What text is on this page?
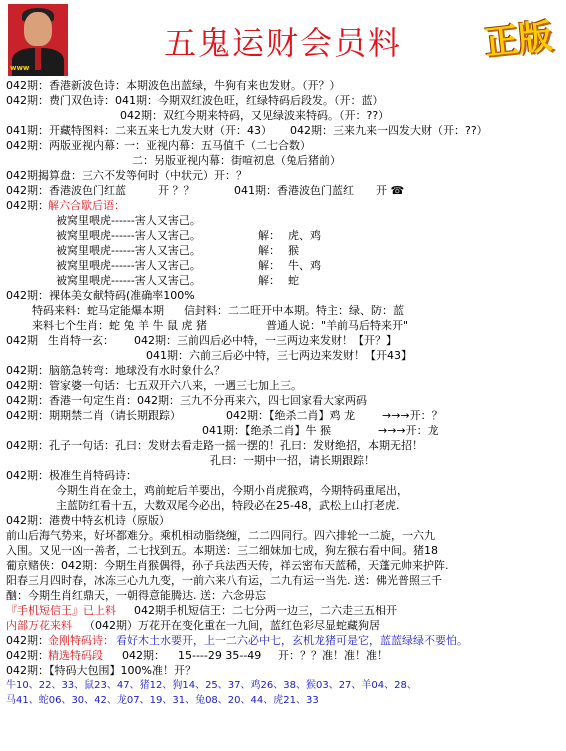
www
五鬼运财会员料	正版
042期：香港新波色诗：本期波色出蓝绿，牛狗有来也发财。（开？）
042期：费门双色诗：041期：今期双红波色旺，红绿特码后段发。（开：蓝）
042期：双红今期来特码，又见绿波来特码。（开：??）
041期：开藏特图料：二来五来七九发大财（开：43） 042期：三来九来一四发大财（开：??）
042期：两版亚视内幕：
一：亚视内幕：五马值千（二七合数）
二：另版亚视内幕：街喧初息（兔后猪前）
042期揭算盘：三六不发等何时（中状元）开：？
042期：香港波色门红蓝	开 ？？	041期：香港波色门蓝红 开 ☎
042期： 解六合歇后语：
被窝里喂虎------害人又害己。
被窝里喂虎------害人又害己。	解： 虎、鸡
被窝里喂虎------害人又害己。	解： 猴
被窝里喂虎------害人又害己。	解： 牛、鸡
被窝里喂虎------害人又害己。	解： 蛇
042期：裸体美女献特码(准确率100%
特码来料：蛇马定能爆本期 信封料：二二旺开中本期。特主：绿、防：蓝
来料七个生肖：蛇 兔 羊 牛 鼠 虎 猪	普通人说："羊前马后特来开"
042期 生肖特一玄： 042期：三前四后必中特，一三两边来发财！【开？】
041期：六前三后必中特，三七两边来发财！【开43】
042期：脑筋急转弯：地球没有水时象什么？
042期：管家婆一句话：七五双开六八来，一遇三七加上三。
042期：香港一句定生肖：042期：三九不分再来六，四七回家看大家两码
042期：期期禁二肖（请长期跟踪）	042期：【绝杀二肖】鸡 龙 →→→开：？
041期：【绝杀二肖】牛 猴	→→→开：龙
042期：孔子一句话：孔曰：发财去看走路一摇一摆的！孔曰：发财绝招，本期无招！
孔曰：一期中一招，请长期跟踪！
042期：极准生肖特码诗：
今期生肖在金土，鸡前蛇后羊要出，今期小肖虎猴鸡，今期特码重尾出，
主蓝防红看十五，大数双尾今必出，特段必在25-48，武松上山打老虎.
042期：港费中特玄机诗（原版）
前山后海气势来，好坏都难分。乘机相动脂绕缠，二二四同行。四六排轮一二旋，一六九
入围。又见一凶一善者，二七找到五。本期送：三二细妹加七成，狗左猴右看中间。猪18
葡京赌侠：042期：今期生肖猴偶得，孙子兵法西天传，祥云密布天蓝稀，天蓬元帅来护阵.
阳春三月四时春，冰冻三心九九变，一前六来八有运，二九有运一当先. 送：佛光普照三千
酗：今期生肖红鼎天，一朝得意能腾达. 送：六念毋忘
『手机短信王』已上料 042期手机短信王：二七分两一边三，二六走三五相开
内部万花来料 （042期）万花开在变化重在一九间，蓝红色彩尽显蛇藏狗居
042期： 金刚特码诗： 看好木土水要开，上一二六必中七，玄机龙猪可是它，蓝蓝绿绿不要怕。
042期： 精选特码段 042期： 15----29 35--49 开：？？准！准！准！
042期：【特码大包围】100%准！开？
牛10、22、33、鼠23、47、猪12、狗14、25、37、鸡26、38、猴03、27、羊04、28、
马41、蛇06、30、42、龙07、19、31、兔08、20、44、虎21、33
